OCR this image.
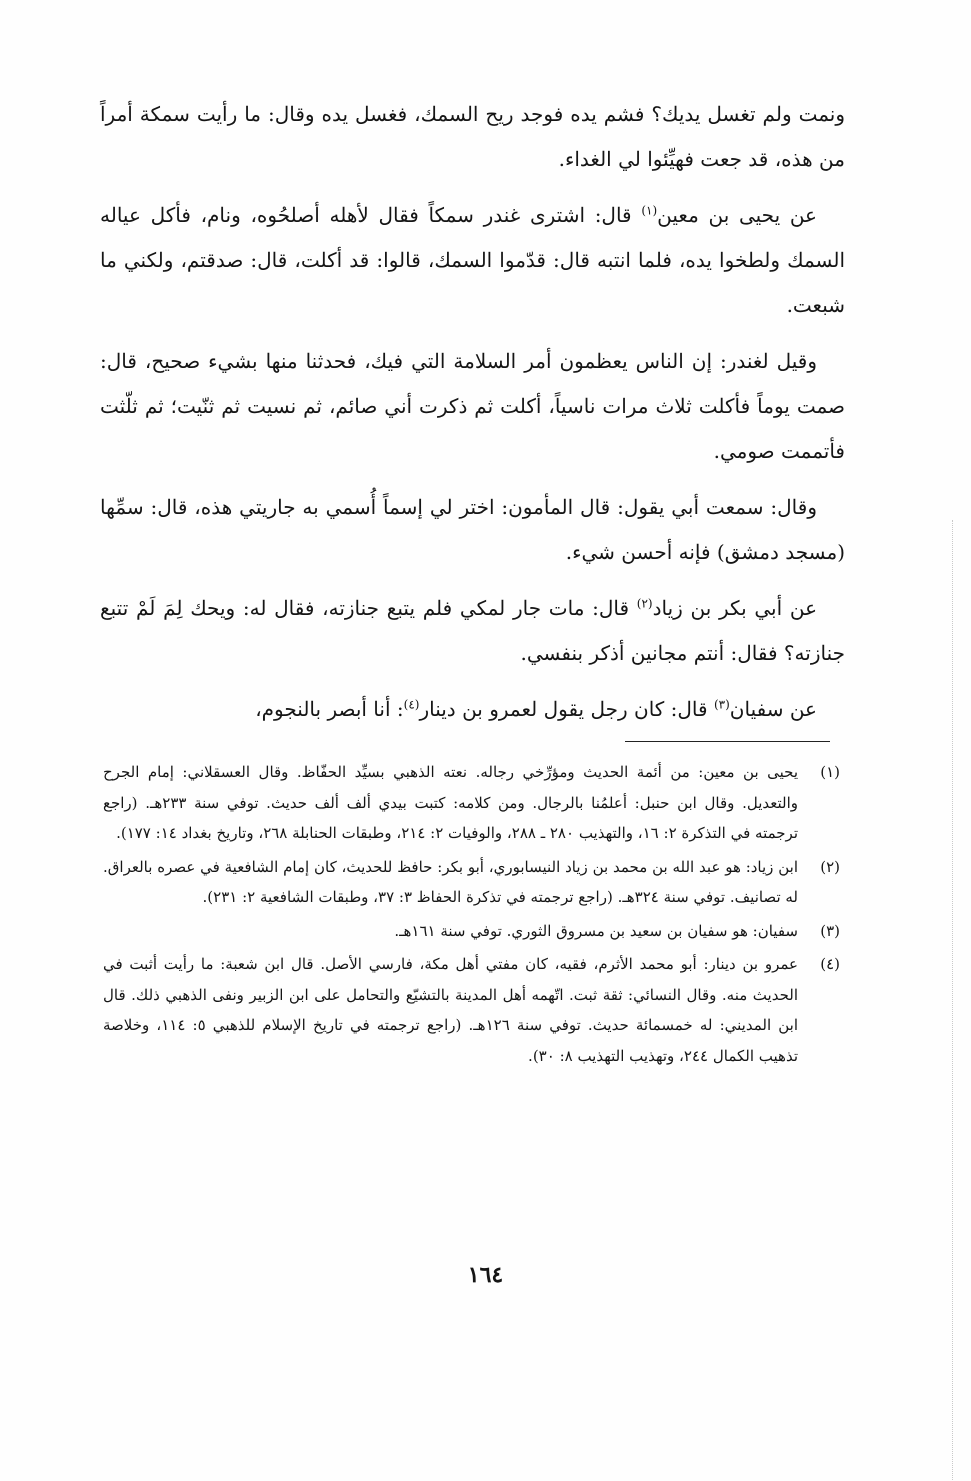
ونمت ولم تغسل يديك؟ فشم يده فوجد ريح السمك، فغسل يده وقال: ما رأيت سمكة أمراً من هذه، قد جعت فهيِّئوا لي الغداء.

عن يحيى بن معين$^{(١)}$ قال: اشترى غندر سمكاً فقال لأهله أصلحُوه، ونام، فأكل عياله السمك ولطخوا يده، فلما انتبه قال: قدّموا السمك، قالوا: قد أكلت، قال: صدقتم، ولكني ما شبعت.

وقيل لغندر: إن الناس يعظمون أمر السلامة التي فيك، فحدثنا منها بشيء صحيح، قال: صمت يوماً فأكلت ثلاث مرات ناسياً، أكلت ثم ذكرت أني صائم، ثم نسيت ثم ثنّيت؛ ثم ثلّثت فأتممت صومي.

وقال: سمعت أبي يقول: قال المأمون: اختر لي إسماً أُسمي به جاريتي هذه، قال: سمِّها (مسجد دمشق) فإنه أحسن شيء.

عن أبي بكر بن زياد$^{(٢)}$ قال: مات جار لمكي فلم يتبع جنازته، فقال له: ويحك لِمَ لَمْ تتبع جنازته؟ فقال: أنتم مجانين أذكر بنفسي.

عن سفيان$^{(٣)}$ قال: كان رجل يقول لعمرو بن دينار$^{(٤)}$: أنا أبصر بالنجوم،

(١)
يحيى بن معين: من أئمة الحديث ومؤرِّخي رجاله. نعته الذهبي بسيِّد الحفّاظ. وقال العسقلاني: إمام الجرح والتعديل. وقال ابن حنبل: أعلمُنا بالرجال. ومن كلامه: كتبت بيدي ألف ألف حديث. توفي سنة ٢٣٣هـ. (راجع ترجمته في التذكرة ٢: ١٦، والتهذيب ٢٨٠ ـ ٢٨٨، والوفيات ٢: ٢١٤، وطبقات الحنابلة ٢٦٨، وتاريخ بغداد ١٤: ١٧٧).
(٢)
ابن زياد: هو عبد الله بن محمد بن زياد النيسابوري، أبو بكر: حافظ للحديث، كان إمام الشافعية في عصره بالعراق. له تصانيف. توفي سنة ٣٢٤هـ. (راجع ترجمته في تذكرة الحفاظ ٣: ٣٧، وطبقات الشافعية ٢: ٢٣١).
(٣)
سفيان: هو سفيان بن سعيد بن مسروق الثوري. توفي سنة ١٦١هـ.
(٤)
عمرو بن دينار: أبو محمد الأثرم، فقيه، كان مفتي أهل مكة، فارسي الأصل. قال ابن شعبة: ما رأيت أثبت في الحديث منه. وقال النسائي: ثقة ثبت. اتّهمه أهل المدينة بالتشيّع والتحامل على ابن الزبير ونفى الذهبي ذلك. قال ابن المديني: له خمسمائة حديث. توفي سنة ١٢٦هـ. (راجع ترجمته في تاريخ الإسلام للذهبي ٥: ١١٤، وخلاصة تذهيب الكمال ٢٤٤، وتهذيب التهذيب ٨: ٣٠).
١٦٤
